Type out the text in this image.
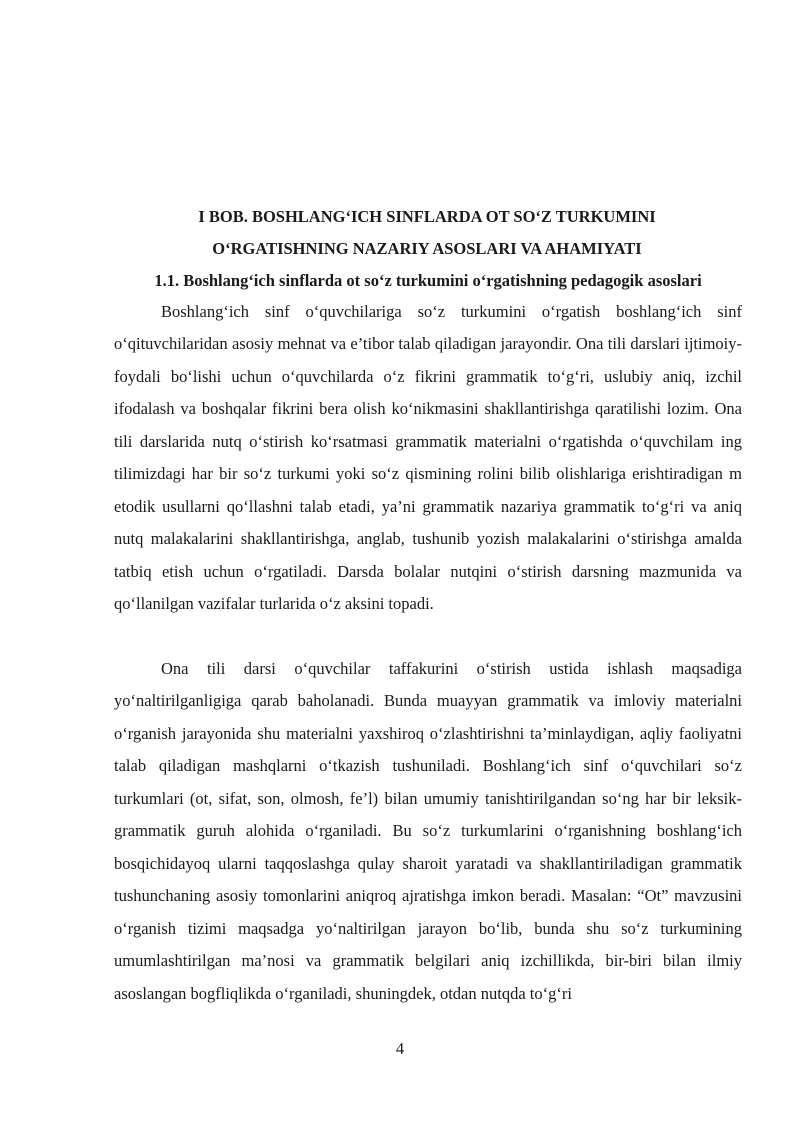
I BOB. BOSHLANG‘ICH SINFLARDA OT SO‘Z TURKUMINI
O‘RGATISHNING NAZARIY ASOSLARI VA AHAMIYATI
1.1. Boshlang‘ich sinflarda ot so‘z turkumini o‘rgatishning pedagogik asoslari

Boshlang‘ich sinf o‘quvchilariga so‘z turkumini o‘rgatish boshlang‘ich sinf o‘qituvchilaridan asosiy mehnat va e’tibor talab qiladigan jarayondir. Ona tili darslari ijtimoiy-foydali bo‘lishi uchun o‘quvchilarda o‘z fikrini grammatik to‘g‘ri, uslubiy aniq, izchil ifodalash va boshqalar fikrini bera olish ko‘nikmasini shakllantirishga qaratilishi lozim. Ona tili darslarida nutq o‘stirish ko‘rsatmasi grammatik materialni o‘rgatishda o‘quvchilam ing tilimizdagi har bir so‘z turkumi yoki so‘z qismining rolini bilib olishlariga erishtiradigan m etodik usullarni qo‘llashni talab etadi, ya’ni grammatik nazariya grammatik to‘g‘ri va aniq nutq malakalarini shakllantirishga, anglab, tushunib yozish malakalarini o‘stirishga amalda tatbiq etish uchun o‘rgatiladi. Darsda bolalar nutqini o‘stirish darsning mazmunida va qo‘llanilgan vazifalar turlarida o‘z aksini topadi.

Ona tili darsi o‘quvchilar taffakurini o‘stirish ustida ishlash maqsadiga yo‘naltirilganligiga qarab baholanadi. Bunda muayyan grammatik va imloviy materialni o‘rganish jarayonida shu materialni yaxshiroq o‘zlashtirishni ta’minlaydigan, aqliy faoliyatni talab qiladigan mashqlarni o‘tkazish tushuniladi. Boshlang‘ich sinf o‘quvchilari so‘z turkumlari (ot, sifat, son, olmosh, fe’l) bilan umumiy tanishtirilgandan so‘ng har bir leksik-grammatik guruh alohida o‘rganiladi. Bu so‘z turkumlarini o‘rganishning boshlang‘ich bosqichidayoq ularni taqqoslashga qulay sharoit yaratadi va shakllantiriladigan grammatik tushunchaning asosiy tomonlarini aniqroq ajratishga imkon beradi. Masalan: “Ot” mavzusini o‘rganish tizimi maqsadga yo‘naltirilgan jarayon bo‘lib, bunda shu so‘z turkumining umumlashtirilgan ma’nosi va grammatik belgilari aniq izchillikda, bir-biri bilan ilmiy asoslangan bogfliqlikda o‘rganiladi, shuningdek, otdan nutqda to‘g‘ri

4
